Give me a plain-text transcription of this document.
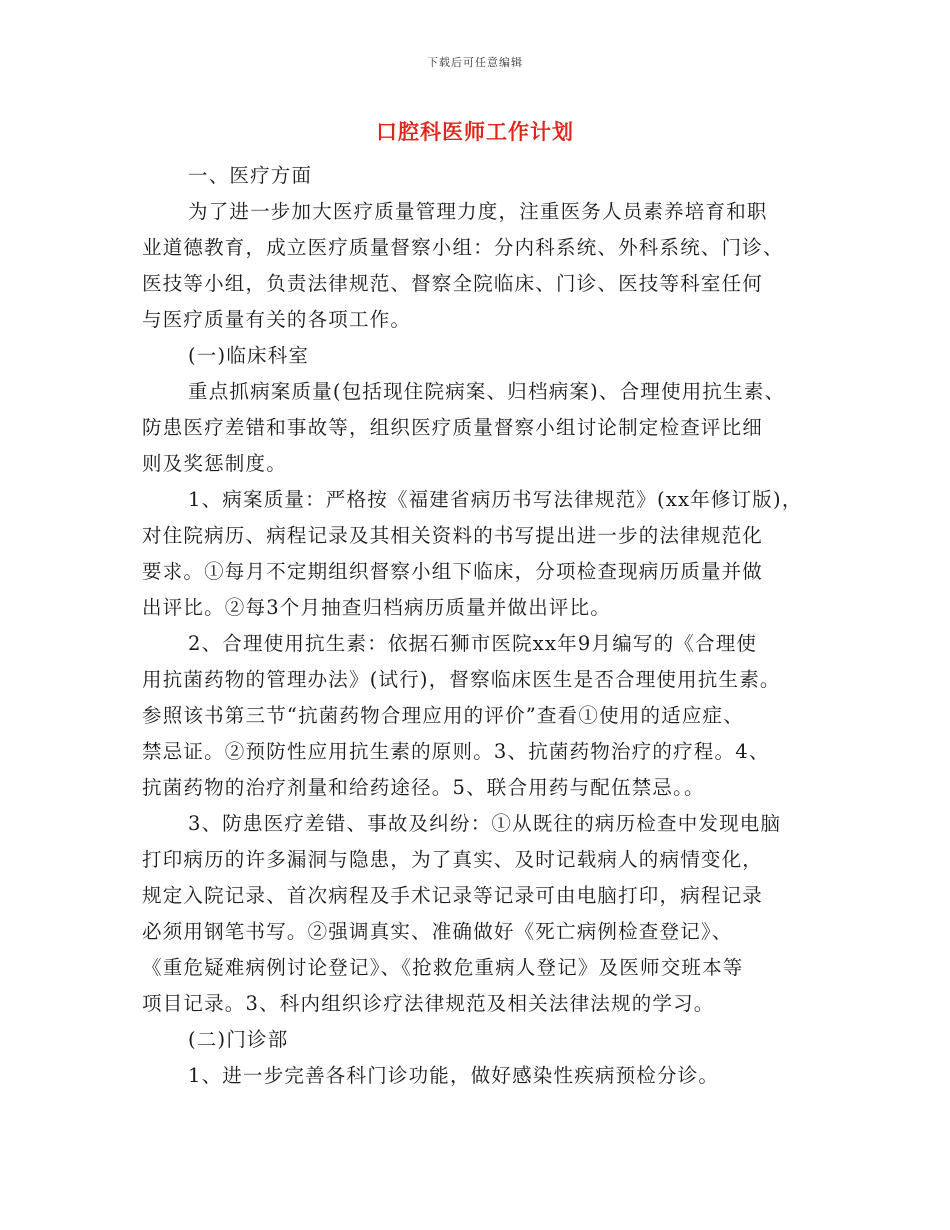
下载后可任意编辑
口腔科医师工作计划
一、医疗方面
为了进一步加大医疗质量管理力度，注重医务人员素养培育和职
业道德教育，成立医疗质量督察小组：分内科系统、外科系统、门诊、
医技等小组，负责法律规范、督察全院临床、门诊、医技等科室任何
与医疗质量有关的各项工作。
(一)临床科室
重点抓病案质量(包括现住院病案、归档病案)、合理使用抗生素、
防患医疗差错和事故等，组织医疗质量督察小组讨论制定检查评比细
则及奖惩制度。
1、病案质量：严格按《福建省病历书写法律规范》(xx年修订版)，
对住院病历、病程记录及其相关资料的书写提出进一步的法律规范化
要求。①每月不定期组织督察小组下临床，分项检查现病历质量并做
出评比。②每3个月抽查归档病历质量并做出评比。
2、合理使用抗生素：依据石狮市医院xx年9月编写的《合理使
用抗菌药物的管理办法》(试行)，督察临床医生是否合理使用抗生素。
参照该书第三节“抗菌药物合理应用的评价”查看①使用的适应症、
禁忌证。②预防性应用抗生素的原则。3、抗菌药物治疗的疗程。4、
抗菌药物的治疗剂量和给药途径。5、联合用药与配伍禁忌。。
3、防患医疗差错、事故及纠纷：①从既往的病历检查中发现电脑
打印病历的许多漏洞与隐患，为了真实、及时记载病人的病情变化，
规定入院记录、首次病程及手术记录等记录可由电脑打印，病程记录
必须用钢笔书写。②强调真实、准确做好《死亡病例检查登记》、
《重危疑难病例讨论登记》、《抢救危重病人登记》及医师交班本等
项目记录。3、科内组织诊疗法律规范及相关法律法规的学习。
(二)门诊部
1、进一步完善各科门诊功能，做好感染性疾病预检分诊。
